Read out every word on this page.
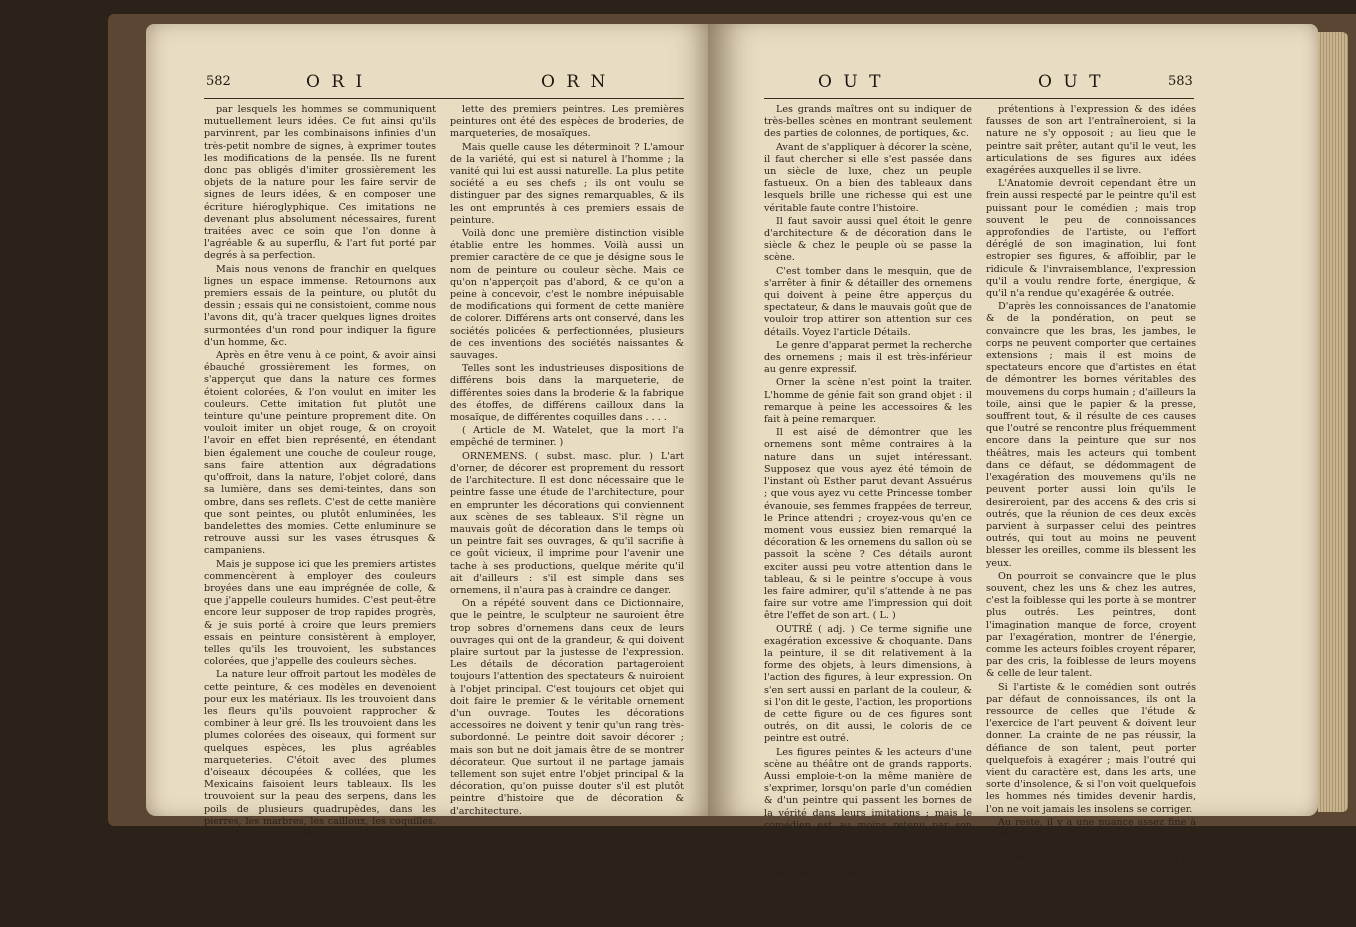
582	O R I	O R N

par lesquels les hommes se communiquent mutuellement leurs idées. Ce fut ainsi qu'ils parvinrent, par les combinaisons infinies d'un très-petit nombre de signes, à exprimer toutes les modifications de la pensée. Ils ne furent donc pas obligés d'imiter grossièrement les objets de la nature pour les faire servir de signes de leurs idées, & en composer une écriture hiéroglyphique. Ces imitations ne devenant plus absolument nécessaires, furent traitées avec ce soin que l'on donne à l'agréable & au superflu, & l'art fut porté par degrés à sa perfection.

Mais nous venons de franchir en quelques lignes un espace immense. Retournons aux premiers essais de la peinture, ou plutôt du dessin ; essais qui ne consistoient, comme nous l'avons dit, qu'à tracer quelques lignes droites surmontées d'un rond pour indiquer la figure d'un homme, &c.

Après en être venu à ce point, & avoir ainsi ébauché grossièrement les formes, on s'apperçut que dans la nature ces formes étoient colorées, & l'on voulut en imiter les couleurs. Cette imitation fut plutôt une teinture qu'une peinture proprement dite. On vouloit imiter un objet rouge, & on croyoit l'avoir en effet bien représenté, en étendant bien également une couche de couleur rouge, sans faire attention aux dégradations qu'offroit, dans la nature, l'objet coloré, dans sa lumière, dans ses demi-teintes, dans son ombre, dans ses reflets. C'est de cette manière que sont peintes, ou plutôt enluminées, les bandelettes des momies. Cette enluminure se retrouve aussi sur les vases étrusques & campaniens.

Mais je suppose ici que les premiers artistes commencèrent à employer des couleurs broyées dans une eau imprégnée de colle, & que j'appelle couleurs humides. C'est peut-être encore leur supposer de trop rapides progrès, & je suis porté à croire que leurs premiers essais en peinture consistèrent à employer, telles qu'ils les trouvoient, les substances colorées, que j'appelle des couleurs sèches.

La nature leur offroit partout les modèles de cette peinture, & ces modèles en devenoient pour eux les matériaux. Ils les trouvoient dans les fleurs qu'ils pouvoient rapprocher & combiner à leur gré. Ils les trouvoient dans les plumes colorées des oiseaux, qui forment sur quelques espèces, les plus agréables marqueteries. C'étoit avec des plumes d'oiseaux découpées & collées, que les Mexicains faisoient leurs tableaux. Ils les trouvoient sur la peau des serpens, dans les poils de plusieurs quadrupèdes, dans les pierres, les marbres, les cailloux, les coquilles. Ce sont de semblables matériaux qui ont dû former la pa-

lette des premiers peintres. Les premières peintures ont été des espèces de broderies, de marqueteries, de mosaïques.

Mais quelle cause les déterminoit ? L'amour de la variété, qui est si naturel à l'homme ; la vanité qui lui est aussi naturelle. La plus petite société a eu ses chefs ; ils ont voulu se distinguer par des signes remarquables, & ils les ont empruntés à ces premiers essais de peinture.

Voilà donc une première distinction visible établie entre les hommes. Voilà aussi un premier caractère de ce que je désigne sous le nom de peinture ou couleur sèche. Mais ce qu'on n'apperçoit pas d'abord, & ce qu'on a peine à concevoir, c'est le nombre inépuisable de modifications qui forment de cette manière de colorer. Différens arts ont conservé, dans les sociétés policées & perfectionnées, plusieurs de ces inventions des sociétés naissantes & sauvages.

Telles sont les industrieuses dispositions de différens bois dans la marqueterie, de différentes soies dans la broderie & la fabrique des étoffes, de différens cailloux dans la mosaïque, de différentes coquilles dans . . . .

( Article de M. Watelet, que la mort l'a empêché de terminer. )

ORNEMENS. ( subst. masc. plur. ) L'art d'orner, de décorer est proprement du ressort de l'architecture. Il est donc nécessaire que le peintre fasse une étude de l'architecture, pour en emprunter les décorations qui conviennent aux scènes de ses tableaux. S'il règne un mauvais goût de décoration dans le temps où un peintre fait ses ouvrages, & qu'il sacrifie à ce goût vicieux, il imprime pour l'avenir une tache à ses productions, quelque mérite qu'il ait d'ailleurs : s'il est simple dans ses ornemens, il n'aura pas à craindre ce danger.

On a répété souvent dans ce Dictionnaire, que le peintre, le sculpteur ne sauroient être trop sobres d'ornemens dans ceux de leurs ouvrages qui ont de la grandeur, & qui doivent plaire surtout par la justesse de l'expression. Les détails de décoration partageroient toujours l'attention des spectateurs & nuiroient à l'objet principal. C'est toujours cet objet qui doit faire le premier & le véritable ornement d'un ouvrage. Toutes les décorations accessoires ne doivent y tenir qu'un rang très-subordonné. Le peintre doit savoir décorer ; mais son but ne doit jamais être de se montrer décorateur. Que surtout il ne partage jamais tellement son sujet entre l'objet principal & la décoration, qu'on puisse douter s'il est plutôt peintre d'histoire que de décoration & d'architecture.

O U T	O U T	583

Les grands maîtres ont su indiquer de très-belles scènes en montrant seulement des parties de colonnes, de portiques, &c.

Avant de s'appliquer à décorer la scène, il faut chercher si elle s'est passée dans un siècle de luxe, chez un peuple fastueux. On a bien des tableaux dans lesquels brille une richesse qui est une véritable faute contre l'histoire.

Il faut savoir aussi quel étoit le genre d'architecture & de décoration dans le siècle & chez le peuple où se passe la scène.

C'est tomber dans le mesquin, que de s'arrêter à finir & détailler des ornemens qui doivent à peine être apperçus du spectateur, & dans le mauvais goût que de vouloir trop attirer son attention sur ces détails. Voyez l'article Détails.

Le genre d'apparat permet la recherche des ornemens ; mais il est très-inférieur au genre expressif.

Orner la scène n'est point la traiter. L'homme de génie fait son grand objet : il remarque à peine les accessoires & les fait à peine remarquer.

Il est aisé de démontrer que les ornemens sont même contraires à la nature dans un sujet intéressant. Supposez que vous ayez été témoin de l'instant où Esther parut devant Assuérus ; que vous ayez vu cette Princesse tomber évanouie, ses femmes frappées de terreur, le Prince attendri ; croyez-vous qu'en ce moment vous eussiez bien remarqué la décoration & les ornemens du sallon où se passoit la scène ? Ces détails auront exciter aussi peu votre attention dans le tableau, & si le peintre s'occupe à vous les faire admirer, qu'il s'attende à ne pas faire sur votre ame l'impression qui doit être l'effet de son art. ( L. )

OUTRÉ ( adj. ) Ce terme signifie une exagération excessive & choquante. Dans la peinture, il se dit relativement à la forme des objets, à leurs dimensions, à l'action des figures, à leur expression. On s'en sert aussi en parlant de la couleur, & si l'on dit le geste, l'action, les proportions de cette figure ou de ces figures sont outrés, on dit aussi, le coloris de ce peintre est outré.

Les figures peintes & les acteurs d'une scène au théâtre ont de grands rapports. Aussi emploie-t-on la même manière de s'exprimer, lorsqu'on parle d'un comédien & d'un peintre qui passent les bornes de la vérité dans leurs imitations ; mais le comédien est au moins retenu par son organisation, dans les mouvemens outrés, auxquels il pourroit s'abandonner ; sa structure se refuse à des dislocations de membres, auxquelles l'on voit souvent que ses

prétentions à l'expression & des idées fausses de son art l'entraîneroient, si la nature ne s'y opposoit ; au lieu que le peintre sait prêter, autant qu'il le veut, les articulations de ses figures aux idées exagérées auxquelles il se livre.

L'Anatomie devroit cependant être un frein aussi respecté par le peintre qu'il est puissant pour le comédien ; mais trop souvent le peu de connoissances approfondies de l'artiste, ou l'effort déréglé de son imagination, lui font estropier ses figures, & affoiblir, par le ridicule & l'invraisemblance, l'expression qu'il a voulu rendre forte, énergique, & qu'il n'a rendue qu'exagérée & outrée.

D'après les connoissances de l'anatomie & de la pondération, on peut se convaincre que les bras, les jambes, le corps ne peuvent comporter que certaines extensions ; mais il est moins de spectateurs encore que d'artistes en état de démontrer les bornes véritables des mouvemens du corps humain ; d'ailleurs la toile, ainsi que le papier & la presse, souffrent tout, & il résulte de ces causes que l'outré se rencontre plus fréquemment encore dans la peinture que sur nos théâtres, mais les acteurs qui tombent dans ce défaut, se dédommagent de l'exagération des mouvemens qu'ils ne peuvent porter aussi loin qu'ils le desireroient, par des accens & des cris si outrés, que la réunion de ces deux excès parvient à surpasser celui des peintres outrés, qui tout au moins ne peuvent blesser les oreilles, comme ils blessent les yeux.

On pourroit se convaincre que le plus souvent, chez les uns & chez les autres, c'est la foiblesse qui les porte à se montrer plus outrés. Les peintres, dont l'imagination manque de force, croyent par l'exagération, montrer de l'énergie, comme les acteurs foibles croyent réparer, par des cris, la foiblesse de leurs moyens & celle de leur talent.

Si l'artiste & le comédien sont outrés par défaut de connoissances, ils ont la ressource de celles que l'étude & l'exercice de l'art peuvent & doivent leur donner. La crainte de ne pas réussir, la défiance de son talent, peut porter quelquefois à exagérer ; mais l'outré qui vient du caractère est, dans les arts, une sorte d'insolence, & si l'on voit quelquefois les hommes nés timides devenir hardis, l'on ne voit jamais les insolens se corriger.

Au reste, il y a une nuance assez fine à observer. Les transports des véritables passions forcent quelquefois, pour ainsi dire, les bornes imposées à la nature. Il y a des circonstances où les mouvemens de l'ame ajoutent quelque chose qu'on pourroit regarder comme surnaturel, à la puissance du corps & à celle de l'esprit. Ainsi l'artiste de génie pourroit peut-
